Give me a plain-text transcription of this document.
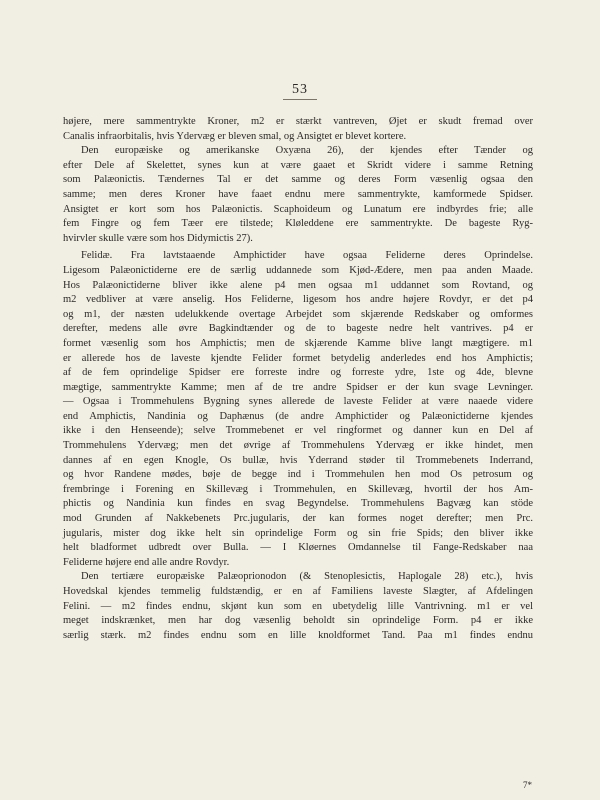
53
højere, mere sammentrykte Kroner, m2 er stærkt vantreven, Øjet er skudt fremad over
Canalis infraorbitalis, hvis Ydervæg er bleven smal, og Ansigtet er blevet kortere.
Den europæiske og amerikanske Oxyæna 26), der kjendes efter Tænder og
efter Dele af Skelettet, synes kun at være gaaet et Skridt videre i samme Retning
som Palæonictis. Tændernes Tal er det samme og deres Form væsenlig ogsaa den
samme; men deres Kroner have faaet endnu mere sammentrykte, kamformede Spidser.
Ansigtet er kort som hos Palæonictis. Scaphoideum og Lunatum ere indbyrdes frie; alle
fem Fingre og fem Tæer ere tilstede; Kløleddene ere sammentrykte. De bageste Ryg-
hvirvler skulle være som hos Didymictis 27).
Felidæ. Fra lavtstaaende Amphictider have ogsaa Feliderne deres Oprindelse.
Ligesom Palæonictiderne ere de særlig uddannede som Kjød-Ædere, men paa anden Maade.
Hos Palæonictiderne bliver ikke alene p4 men ogsaa m1 uddannet som Rovtand, og
m2 vedbliver at være anselig. Hos Feliderne, ligesom hos andre højere Rovdyr, er det p4
og m1, der næsten udelukkende overtage Arbejdet som skjærende Redskaber og omformes
derefter, medens alle øvre Bagkindtænder og de to bageste nedre helt vantrives. p4 er
formet væsenlig som hos Amphictis; men de skjærende Kamme blive langt mægtigere. m1
er allerede hos de laveste kjendte Felider formet betydelig anderledes end hos Amphictis;
af de fem oprindelige Spidser ere forreste indre og forreste ydre, 1ste og 4de, blevne
mægtige, sammentrykte Kamme; men af de tre andre Spidser er der kun svage Levninger.
— Ogsaa i Trommehulens Bygning synes allerede de laveste Felider at være naaede videre
end Amphictis, Nandinia og Daphænus (de andre Amphictider og Palæonictiderne kjendes
ikke i den Henseende); selve Trommebenet er vel ringformet og danner kun en Del af
Trommehulens Ydervæg; men det øvrige af Trommehulens Ydervæg er ikke hindet, men
dannes af en egen Knogle, Os bullæ, hvis Yderrand støder til Trommebenets Inderrand,
og hvor Randene mødes, bøje de begge ind i Trommehulen hen mod Os petrosum og
frembringe i Forening en Skillevæg i Trommehulen, en Skillevæg, hvortil der hos Am-
phictis og Nandinia kun findes en svag Begyndelse. Trommehulens Bagvæg kan stöde
mod Grunden af Nakkebenets Prc.jugularis, der kan formes noget derefter; men Prc.
jugularis, mister dog ikke helt sin oprindelige Form og sin frie Spids; den bliver ikke
helt bladformet udbredt over Bulla. — I Kløernes Omdannelse til Fange-Redskaber naa
Feliderne højere end alle andre Rovdyr.
Den tertiære europæiske Palæoprionodon (& Stenoplesictis, Haplogale 28) etc.), hvis
Hovedskal kjendes temmelig fuldstændig, er en af Familiens laveste Slægter, af Afdelingen
Felini. — m2 findes endnu, skjønt kun som en ubetydelig lille Vantrivning. m1 er vel
meget indskrænket, men har dog væsenlig beholdt sin oprindelige Form. p4 er ikke
særlig stærk. m2 findes endnu som en lille knoldformet Tand. Paa m1 findes endnu
7*
